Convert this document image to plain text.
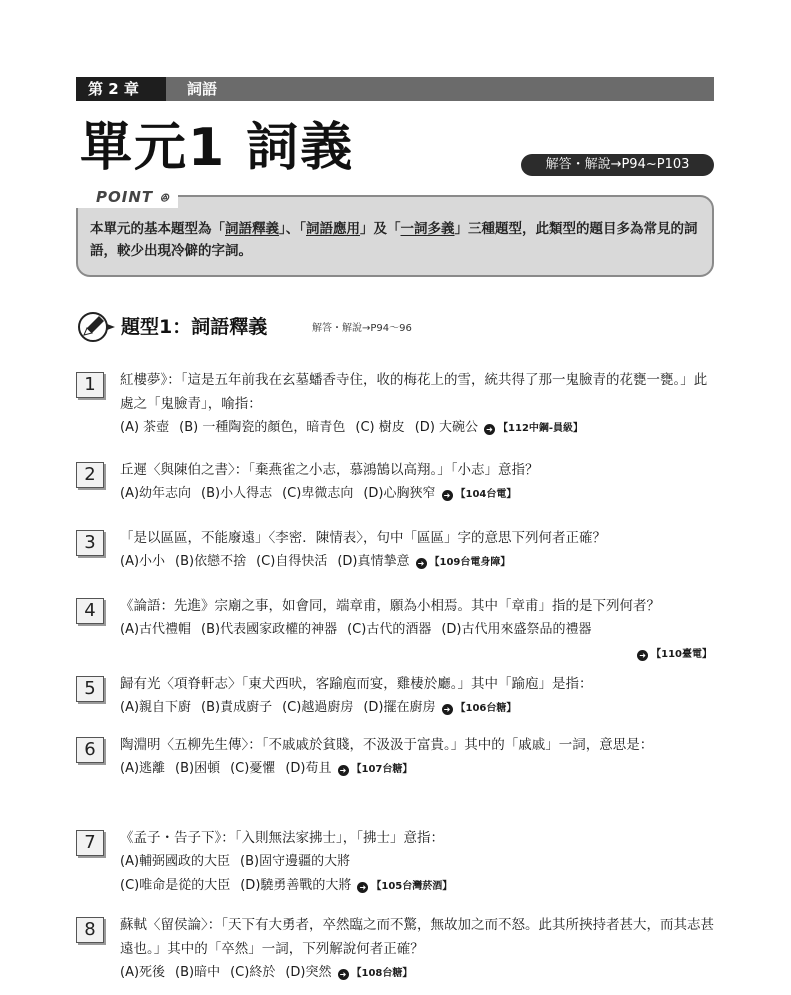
第 2 章	詞語
單元1 詞義	解答・解說→P94~P103
POINT ꔮ
本單元的基本題型為「詞語釋義」、「詞語應用」及「一詞多義」三種題型，此類型的題目多為常見的詞語，較少出現冷僻的字詞。
題型1：詞語釋義	解答・解說→P94～96
1	紅樓夢》：「這是五年前我在玄墓蟠香寺住，收的梅花上的雪，統共得了那一鬼臉青的花甕一甕。」此處之「鬼臉青」，喻指：
(A) 茶壺 (B) 一種陶瓷的顏色，暗青色 (C) 樹皮 (D) 大碗公 ➜ 【112中鋼-員級】
2	丘遲〈與陳伯之書〉：「棄燕雀之小志，慕鴻鵠以高翔。」「小志」意指？
(A)幼年志向 (B)小人得志 (C)卑微志向 (D)心胸狹窄 ➜ 【104台電】
3	「是以區區，不能廢遠」〈李密．陳情表〉，句中「區區」字的意思下列何者正確？
(A)小小 (B)依戀不捨 (C)自得快活 (D)真情摯意 ➜ 【109台電身障】
4	《論語：先進》宗廟之事，如會同，端章甫，願為小相焉。其中「章甫」指的是下列何者？
(A)古代禮帽 (B)代表國家政權的神器 (C)古代的酒器 (D)古代用來盛祭品的禮器
➜ 【110臺電】
5	歸有光〈項脊軒志〉「東犬西吠，客踰庖而宴，雞棲於廳。」其中「踰庖」是指：
(A)親自下廚 (B)責成廚子 (C)越過廚房 (D)擺在廚房 ➜ 【106台糖】
6	陶淵明〈五柳先生傳〉：「不戚戚於貧賤，不汲汲于富貴。」其中的「戚戚」一詞，意思是：
(A)逃離 (B)困頓 (C)憂懼 (D)苟且 ➜ 【107台糖】
7	《孟子・告子下》：「入則無法家拂士」，「拂士」意指：
(A)輔弼國政的大臣 (B)固守邊疆的大將
(C)唯命是從的大臣 (D)驍勇善戰的大將 ➜ 【105台灣菸酒】
8	蘇軾〈留侯論〉：「天下有大勇者，卒然臨之而不驚，無故加之而不怒。此其所挾持者甚大，而其志甚遠也。」其中的「卒然」一詞，下列解說何者正確？
(A)死後 (B)暗中 (C)終於 (D)突然 ➜ 【108台糖】
